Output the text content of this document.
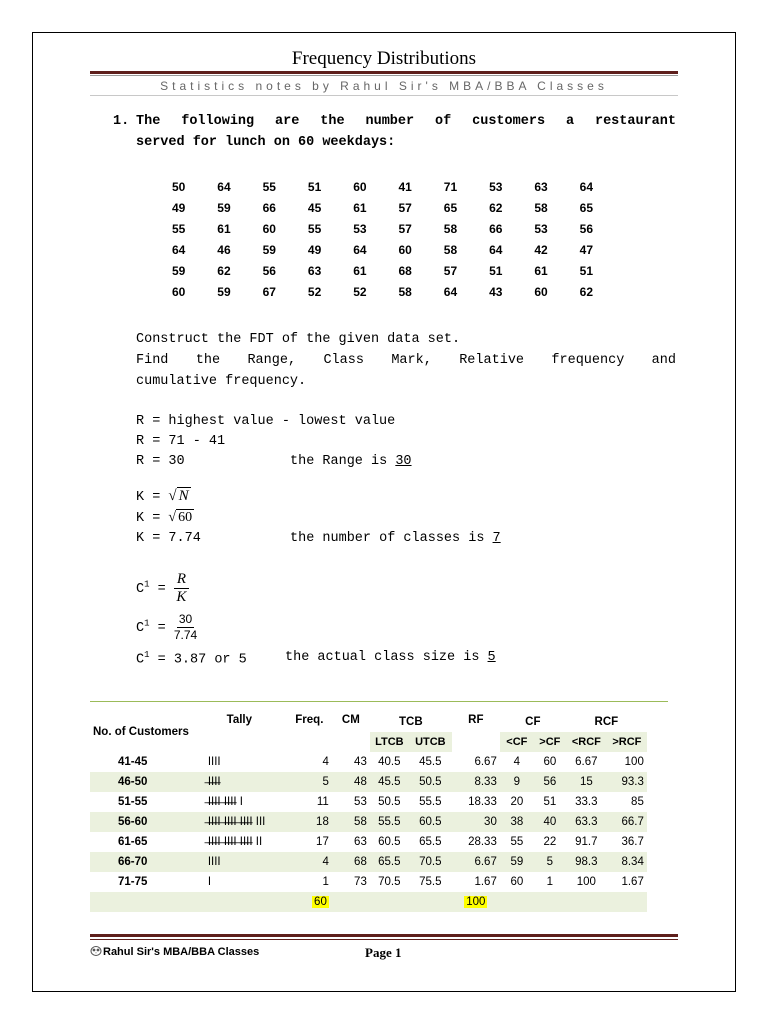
Frequency Distributions
Statistics notes by Rahul Sir's MBA/BBA Classes
1. The following are the number of customers a restaurant
served for lunch on 60 weekdays:
50	64	55	51	60	41	71	53	63	64
49	59	66	45	61	57	65	62	58	65
55	61	60	55	53	57	58	66	53	56
64	46	59	49	64	60	58	64	42	47
59	62	56	63	61	68	57	51	61	51
60	59	67	52	52	58	64	43	60	62
Construct the FDT of the given data set.
Find the Range, Class Mark, Relative frequency and
cumulative frequency.
R = highest value - lowest value
R = 71 - 41
R = 30	the Range is 30
K = √ N
K = √ 60
K = 7.74	the number of classes is 7
$C^1 = \frac{R}{K}$
$C^1 = \frac{30}{7.74}$
$C^1 = 3.87$ or 5	the actual class size is 5
No. of Customers	Tally	Freq.	CM	TCB		RF	CF		RCF	
				LTCB	UTCB		<CF	>CF	<RCF	>RCF
41-45	IIII	4	43	40.5	45.5	6.67	4	60	6.67	100
46-50	̶I̶I̶I̶I	5	48	45.5	50.5	8.33	9	56	15	93.3
51-55	̶I̶I̶I̶I ̶I̶I̶I̶I I	11	53	50.5	55.5	18.33	20	51	33.3	85
56-60	̶I̶I̶I̶I ̶I̶I̶I̶I ̶I̶I̶I̶I III	18	58	55.5	60.5	30	38	40	63.3	66.7
61-65	̶I̶I̶I̶I ̶I̶I̶I̶I ̶I̶I̶I̶I II	17	63	60.5	65.5	28.33	55	22	91.7	36.7
66-70	IIII	4	68	65.5	70.5	6.67	59	5	98.3	8.34
71-75	I	1	73	70.5	75.5	1.67	60	1	100	1.67
		60				100				
Rahul Sir's MBA/BBA Classes	Page 1
